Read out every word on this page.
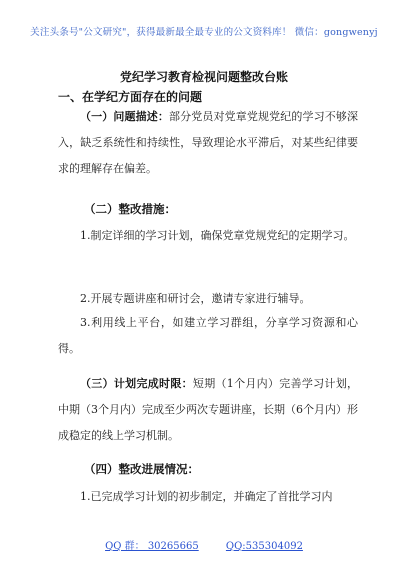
关注头条号"公文研究"，获得最新最全最专业的公文资料库！ 微信：gongwenyj
党纪学习教育检视问题整改台账
一、在学纪方面存在的问题
（一）问题描述：部分党员对党章党规党纪的学习不够深入，缺乏系统性和持续性，导致理论水平滞后，对某些纪律要求的理解存在偏差。
（二）整改措施：
1.制定详细的学习计划，确保党章党规党纪的定期学习。
2.开展专题讲座和研讨会，邀请专家进行辅导。
3.利用线上平台，如建立学习群组，分享学习资源和心得。
（三）计划完成时限：短期（1个月内）完善学习计划，中期（3个月内）完成至少两次专题讲座，长期（6个月内）形成稳定的线上学习机制。
（四）整改进展情况：
1.已完成学习计划的初步制定，并确定了首批学习内
QQ 群： 30265665	QQ:535304092
